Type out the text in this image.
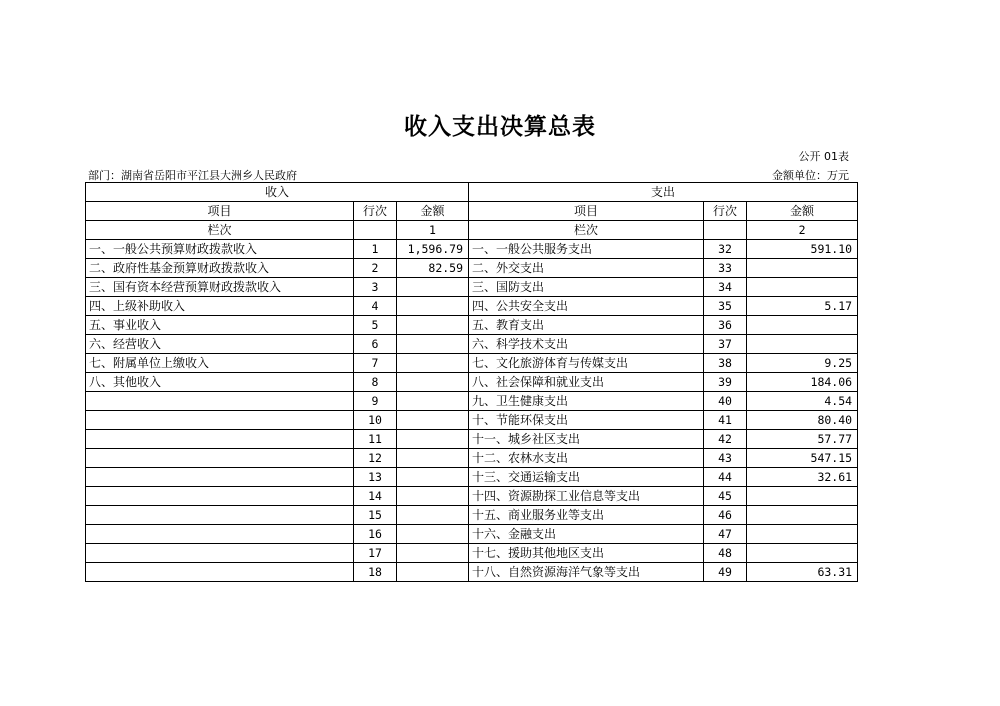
收入支出决算总表
公开 01表
部门：湖南省岳阳市平江县大洲乡人民政府	金额单位：万元
收入			支出		
项目	行次	金额	项目	行次	金额
栏次		1	栏次		2
一、一般公共预算财政拨款收入	1	1,596.79	一、一般公共服务支出	32	591.10
二、政府性基金预算财政拨款收入	2	82.59	二、外交支出	33	
三、国有资本经营预算财政拨款收入	3		三、国防支出	34	
四、上级补助收入	4		四、公共安全支出	35	5.17
五、事业收入	5		五、教育支出	36	
六、经营收入	6		六、科学技术支出	37	
七、附属单位上缴收入	7		七、文化旅游体育与传媒支出	38	9.25
八、其他收入	8		八、社会保障和就业支出	39	184.06
	9		九、卫生健康支出	40	4.54
	10		十、节能环保支出	41	80.40
	11		十一、城乡社区支出	42	57.77
	12		十二、农林水支出	43	547.15
	13		十三、交通运输支出	44	32.61
	14		十四、资源勘探工业信息等支出	45	
	15		十五、商业服务业等支出	46	
	16		十六、金融支出	47	
	17		十七、援助其他地区支出	48	
	18		十八、自然资源海洋气象等支出	49	63.31
